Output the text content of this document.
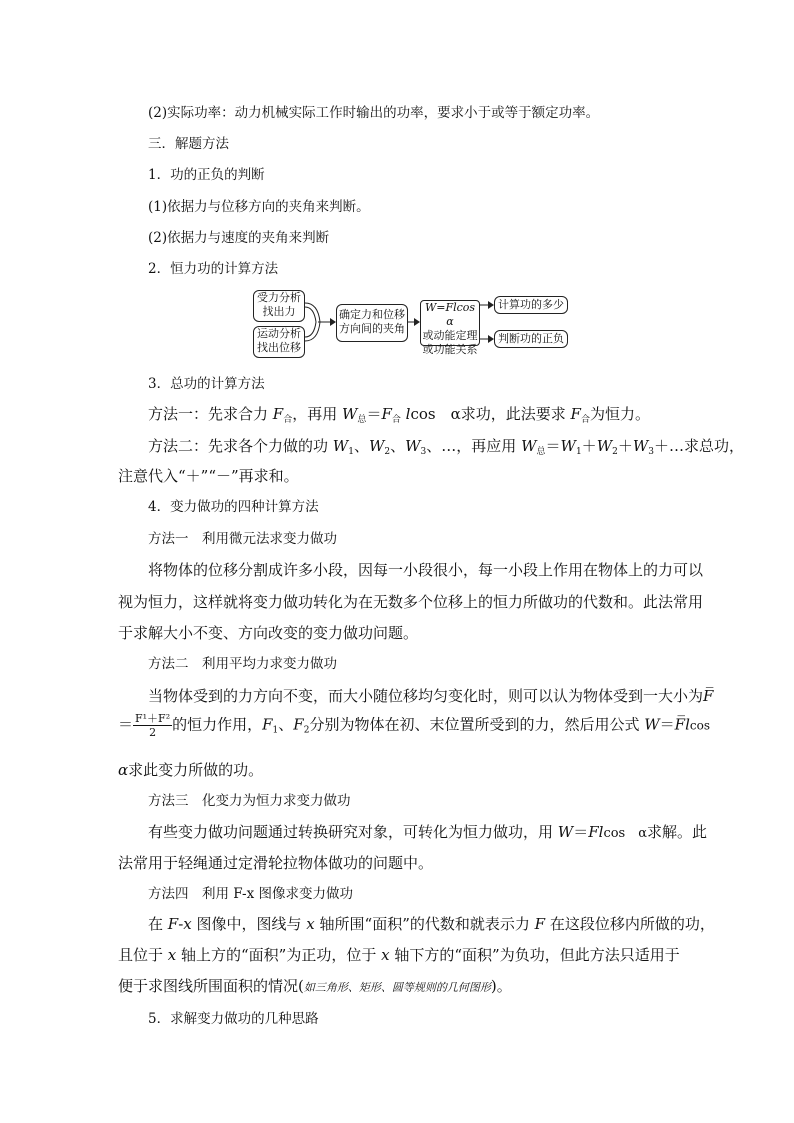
(2)实际功率：动力机械实际工作时输出的功率，要求小于或等于额定功率。
三．解题方法
1．功的正负的判断
(1)依据力与位移方向的夹角来判断。
(2)依据力与速度的夹角来判断
2．恒力功的计算方法
受力分析
找出力
运动分析
找出位移
确定力和位移
方向间的夹角
W=Flcos α
或动能定理
或功能关系
计算功的多少
判断功的正负
3．总功的计算方法
方法一：先求合力 $F_合$，再用 $W_总=F_合$ lcos　α求功，此法要求 $F_合$为恒力。
方法二：先求各个力做的功 $W_1$、$W_2$、$W_3$、…，再应用 $W_总=W_1+W_2+W_3+\dots$求总功，
注意代入“＋”“－”再求和。
4．变力做功的四种计算方法
方法一　利用微元法求变力做功
将物体的位移分割成许多小段，因每一小段很小，每一小段上作用在物体上的力可以
视为恒力，这样就将变力做功转化为在无数多个位移上的恒力所做功的代数和。此法常用
于求解大小不变、方向改变的变力做功问题。
方法二　利用平均力求变力做功
当物体受到的力方向不变，而大小随位移均匀变化时，则可以认为物体受到一大小为F̅
＝ $\frac{\text{F¹＋F²}}{2}$ 的恒力作用，$F_1$、$F_2$分别为物体在初、末位置所受到的力，然后用公式 W＝F̅lcos
α求此变力所做的功。
方法三　化变力为恒力求变力做功
有些变力做功问题通过转换研究对象，可转化为恒力做功，用 W＝Flcos　α求解。此
法常用于轻绳通过定滑轮拉物体做功的问题中。
方法四　利用 F-x 图像求变力做功
在 F-x 图像中，图线与 x 轴所围“面积”的代数和就表示力 F 在这段位移内所做的功，
且位于 x 轴上方的“面积”为正功，位于 x 轴下方的“面积”为负功，但此方法只适用于
便于求图线所围面积的情况(如三角形、矩形、圆等规则的几何图形)。
5．求解变力做功的几种思路
